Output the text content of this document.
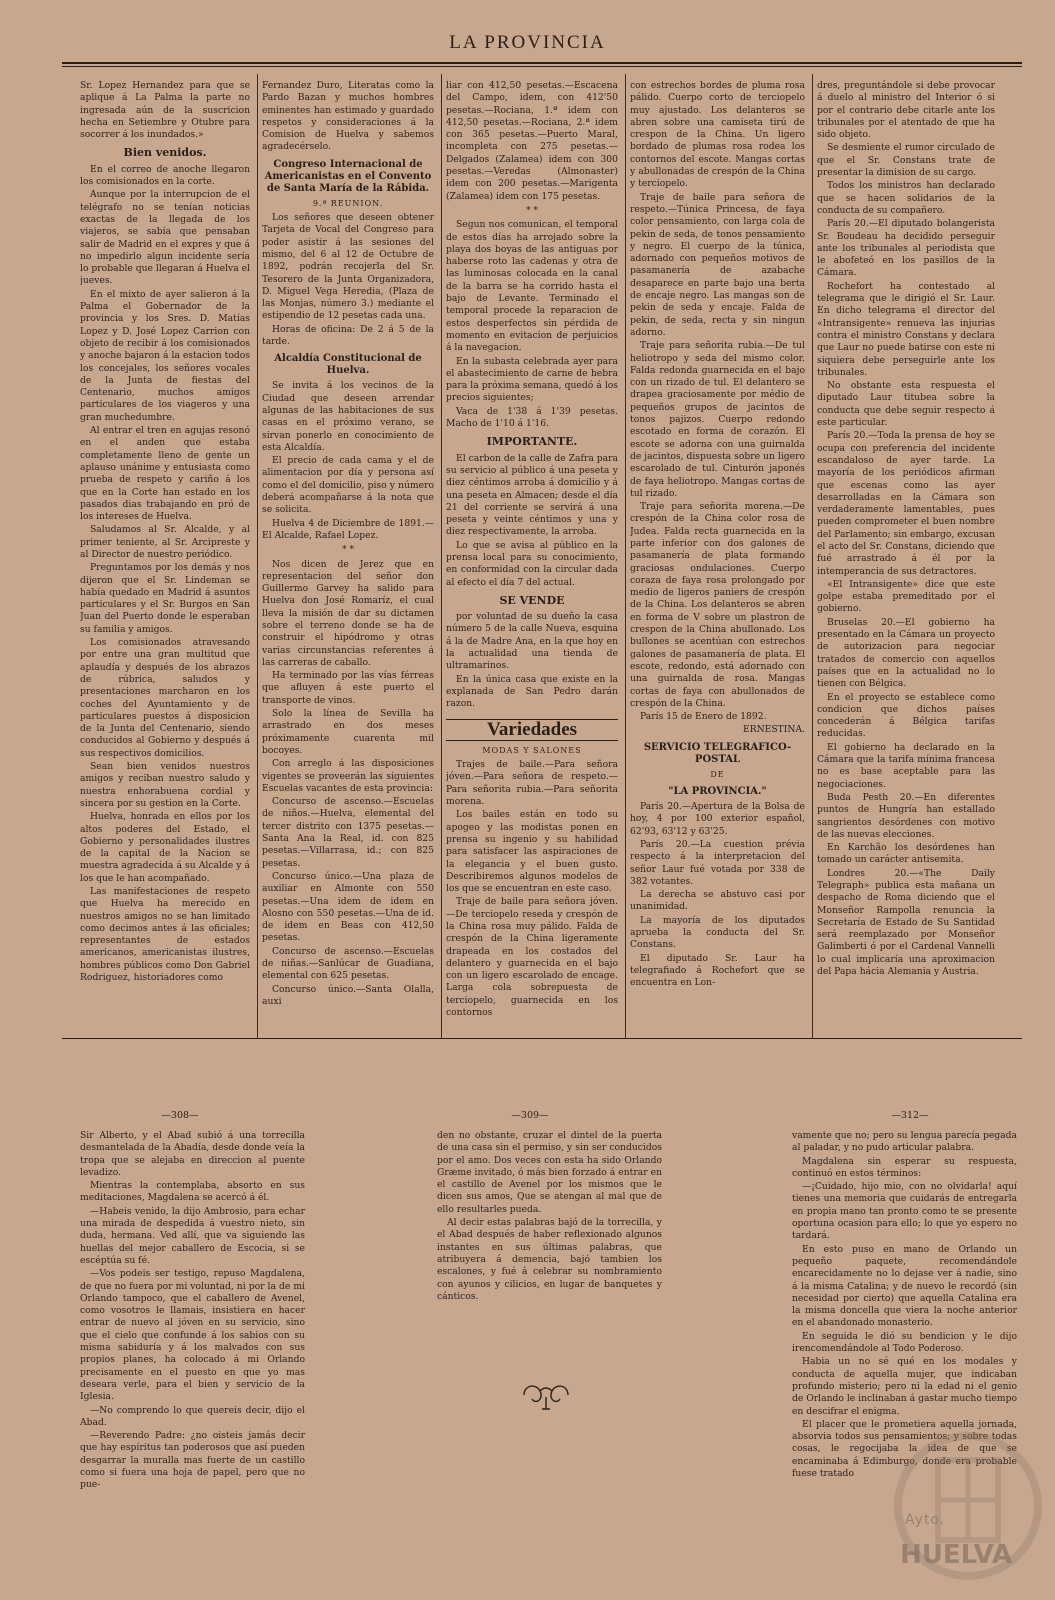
LA PROVINCIA

Sr. Lopez Hernandez para que se aplique á La Palma la parte no ingresada aún de la suscricion hecha en Setiembre y Otubre para socorrer á los inundados.»

Bien venidos.

En el correo de anoche llegaron los comisionados en la corte.

Aunque por la interrupcion de el telégrafo no se tenían noticias exactas de la llegada de los viajeros, se sabía que pensaban salir de Madrid en el expres y que á no impedirlo algun incidente sería lo probable que llegaran á Huelva el jueves.

En el mixto de ayer salieron á la Palma el Gobernador de la provincia y los Sres. D. Matías Lopez y D. José Lopez Carrion con objeto de recibir á los comisionados y anoche bajaron á la estacion todos los concejales, los señores vocales de la Junta de fiestas del Centenario, muchos amigos particulares de los viageros y una gran muchedumbre.

Al entrar el tren en agujas resonó en el anden que estaba completamente lleno de gente un aplauso unánime y entusiasta como prueba de respeto y cariño á los que en la Corte han estado en los pasados dias trabajando en pró de los intereses de Huelva.

Saludamos al Sr. Alcalde, y al primer teniente, al Sr. Arcipreste y al Director de nuestro periódico.

Preguntamos por los demás y nos dijeron que el Sr. Lindeman se había quedado en Madrid á asuntos particulares y el Sr. Burgos en San Juan del Puerto donde le esperaban su familia y amigos.

Los comisionados atravesando por entre una gran multitud que aplaudía y después de los abrazos de rúbrica, saludos y presentaciones marcharon en los coches del Ayuntamiento y de particulares puestos á disposicion de la Junta del Centenario, siendo conducidos al Gobierno y después á sus respectivos domicilios.

Sean bien venidos nuestros amigos y reciban nuestro saludo y nuestra enhorabuena cordial y sincera por su gestion en la Corte.

Huelva, honrada en ellos por los altos poderes del Estado, el Gobierno y personalidades ilustres de la capital de la Nacion se muestra agradecida á su Alcalde y á los que le han acompañado.

Las manifestaciones de respeto que Huelva ha merecido en nuestros amigos no se han limitado como decimos antes á las oficiales; representantes de estados americanos, americanistas ilustres, hombres públicos como Don Gabriel Rodriguez, historiadores como

Fernandez Duro, Literatas como la Pardo Bazan y muchos hombres eminentes han estimado y guardado respetos y consideraciones á la Comision de Huelva y sabemos agradecérselo.

Congreso Internacional de Americanistas en el Convento de Santa María de la Rábida.

9.ª REUNION.

Los señores que deseen obtener Tarjeta de Vocal del Congreso para poder asistir á las sesiones del mismo, del 6 al 12 de Octubre de 1892, podrán recojerla del Sr. Tesorero de la Junta Organizadora, D. Miguel Vega Heredia, (Plaza de las Monjas, número 3.) mediante el estipendio de 12 pesetas cada una.

Horas de oficina: De 2 á 5 de la tarde.

Alcaldía Constitucional de Huelva.

Se invita á los vecinos de la Ciudad que deseen arrendar algunas de las habitaciones de sus casas en el próximo verano, se sirvan ponerlo en conocimiento de esta Alcaldía.

El precio de cada cama y el de alimentacion por día y persona así como el del domicilio, piso y número deberá acompañarse á la nota que se solicita.

Huelva 4 de Diciembre de 1891.— El Alcalde, Rafael Lopez.

* *

Nos dicen de Jerez que en representacion del señor don Guillermo Garvey ha salido para Huelva don José Romaríz, el cual lleva la misión de dar su dictamen sobre el terreno donde se ha de construir el hipódromo y otras varias circunstancias referentes á las carreras de caballo.

Ha terminado por las vías férreas que afluyen á este puerto el transporte de vinos.

Solo la línea de Sevilla ha arrastrado en dos meses próximamente cuarenta mil bocoyes.

Con arreglo á las disposiciones vigentes se proveerán las siguientes Escuelas vacantes de esta provincia:

Concurso de ascenso.—Escuelas de niños.—Huelva, elemental del tercer distrito con 1375 pesetas.—Santa Ana la Real, id. con 825 pesetas.—Villarrasa, id.; con 825 pesetas.

Concurso único.—Una plaza de auxiliar en Almonte con 550 pesetas.—Una idem de idem en Alosno con 550 pesetas.—Una de id. de idem en Beas con 412,50 pesetas.

Concurso de ascenso.—Escuelas de niñas.—Sanlúcar de Guadiana, elemental con 625 pesetas.

Concurso único.—Santa Olalla, auxi

liar con 412,50 pesetas.—Escacena del Campo, idem, con 412'50 pesetas.—Rociana, 1.ª idem con 412,50 pesetas.—Rociana, 2.ª idem con 365 pesetas.—Puerto Maral, incompleta con 275 pesetas.—Delgados (Zalamea) idem con 300 pesetas.—Veredas (Almonaster) idem con 200 pesetas.—Marigenta (Zalamea) idem con 175 pesetas.

* *

Segun nos comunican, el temporal de estos días ha arrojado sobre la playa dos boyas de las antiguas por haberse roto las cadenas y otra de las luminosas colocada en la canal de la barra se ha corrido hasta el bajo de Levante. Terminado el temporal procede la reparacion de estos desperfectos sin pérdida de momento en evitacion de perjuicios á la navegacion.

En la subasta celebrada ayer para el abastecimiento de carne de hebra para la próxima semana, quedó á los precios siguientes;

Vaca de 1'38 á 1'39 pesetas. Macho de 1'10 á 1'16.

IMPORTANTE.

El carbon de la calle de Zafra para su servicio al público á una peseta y diez céntimos arroba á domicilio y á una peseta en Almacen; desde el día 21 del corriente se servirá á una peseta y veinte céntimos y una y diez respectivamente, la arroba.

Lo que se avisa al público en la prensa local para su conocimiento, en conformidad con la circular dada al efecto el día 7 del actual.

SE VENDE

por voluntad de su dueño la casa número 5 de la calle Nueva, esquina á la de Madre Ana, en la que hoy en la actualidad una tienda de ultramarinos.

En la única casa que existe en la explanada de San Pedro darán razon.

Variedades

MODAS Y SALONES

Trajes de baile.—Para señora jóven.—Para señora de respeto.—Para señorita rubia.—Para señorita morena.

Los bailes están en todo su apogeo y las modistas ponen en prensa su ingenio y su habilidad para satisfacer las aspiraciones de la elegancia y el buen gusto. Describiremos algunos modelos de los que se encuentran en este caso.

Traje de baile para señora jóven.—De terciopelo reseda y crespón de la China rosa muy pálido. Falda de crespón de la China ligeramente drapeada en los costados del delantero y guarnecida en el bajo con un ligero escarolado de encage. Larga cola sobrepuesta de terciopelo, guarnecida en los contornos

con estrechos bordes de pluma rosa pálido. Cuerpo corto de terciopelo muy ajustado. Los delanteros se abren sobre una camiseta tirú de crespon de la China. Un ligero bordado de plumas rosa rodea los contornos del escote. Mangas cortas y abullonadas de crespón de la China y terciopelo.

Traje de baile para señora de respeto.—Túnica Princesa, de faya color pensamiento, con larga cola de pekin de seda, de tonos pensamiento y negro. El cuerpo de la túnica, adornado con pequeños motivos de pasamanería de azabache desaparece en parte bajo una berta de encaje negro. Las mangas son de pekin de seda y encaje. Falda de pekin, de seda, recta y sin ningun adorno.

Traje para señorita rubia.—De tul heliotropo y seda del mismo color. Falda redonda guarnecida en el bajo con un rizado de tul. El delantero se drapea graciosamente por médio de pequeños grupos de jacintos de tonos pajizos. Cuerpo redondo escotado en forma de corazón. El escote se adorna con una guirnalda de jacintos, dispuesta sobre un ligero escarolado de tul. Cinturón japonés de faya heliotropo. Mangas cortas de tul rizado.

Traje para señorita morena.—De crespón de la China color rosa de Judea. Falda recta guarnecida en la parte inferior con dos galones de pasamanería de plata formando graciosas ondulaciones. Cuerpo coraza de faya rosa prolongado por medio de ligeros paniers de crespón de la China. Los delanteros se abren en forma de V sobre un plastron de crespon de la China abullonado. Los bullones se acentúan con estrechos galones de pasamanería de plata. El escote, redondo, está adornado con una guirnalda de rosa. Mangas cortas de faya con abullonados de crespón de la China.

París 15 de Enero de 1892.

ERNESTINA.

SERVICIO TELEGRAFICO-POSTAL

DE

"LA PROVINCIA."

París 20.—Apertura de la Bolsa de hoy, 4 por 100 exterior español, 62'93, 63'12 y 63'25.

París 20.—La cuestion prévia respecto á la interpretacion del señor Laur fué votada por 338 de 382 votantes.

La derecha se abstuvo casi por unanimidad.

La mayoría de los diputados aprueba la conducta del Sr. Constans.

El diputado Sr. Laur ha telegrafiado á Rochefort que se encuentra en Lon-

dres, preguntándole si debe provocar á duelo al ministro del Interior ó si por el contrario debe citarle ante los tribunales por el atentado de que ha sido objeto.

Se desmiente el rumor circulado de que el Sr. Constans trate de presentar la dimision de su cargo.

Todos los ministros han declarado que se hacen solidarios de la conducta de su compañero.

París 20.—El diputado bolangerista Sr. Boudeau ha decidido perseguir ante los tribunales al periodista que le abofeteó en los pasillos de la Cámara.

Rochefort ha contestado al telegrama que le dirigió el Sr. Laur. En dicho telegrama el director del «Intransigente» renueva las injurias contra el ministro Constans y declara que Laur no puede batirse con este ni siquiera debe perseguirle ante los tribunales.

No obstante esta respuesta el diputado Laur titubea sobre la conducta que debe seguir respecto á este particular.

París 20.—Toda la prensa de hoy se ocupa con preferencia del incidente escandaloso de ayer tarde. La mayoría de los periódicos afirman que escenas como las ayer desarrolladas en la Cámara son verdaderamente lamentables, pues pueden comprometer el buen nombre del Parlamento; sin embargo, excusan el acto del Sr. Constans, diciendo que fué arrastrado á él por la intemperancia de sus detractores.

«El Intransigente» dice que este golpe estaba premeditado por el gobierno.

Bruselas 20.—El gobierno ha presentado en la Cámara un proyecto de autorizacion para negociar tratados de comercio con aquellos países que en la actualidad no lo tienen con Bélgica.

En el proyecto se establece como condicion que dichos países concederán á Bélgica tarifas reducidas.

El gobierno ha declarado en la Cámara que la tarifa mínima francesa no es base aceptable para las negociaciones.

Buda Pesth 20.—En diferentes puntos de Hungría han estallado sangrientos desórdenes con motivo de las nuevas elecciones.

En Karchão los desórdenes han tomado un carácter antisemita.

Londres 20.—«The Daily Telegraph» publica esta mañana un despacho de Roma diciendo que el Monseñor Rampolla renuncia la Secretaría de Estado de Su Santidad será reemplazado por Monseñor Galimberti ó por el Cardenal Vannelli lo cual implicaría una aproximacion del Papa hácia Alemania y Austria.

—308—	—309—	—312—

Sir Alberto, y el Abad subió á una torrecilla desmantelada de la Abadía, desde donde veía la tropa que se alejaba en direccion al puente levadizo.

Mientras la contemplaba, absorto en sus meditaciones, Magdalena se acercó á él.

—Habeis venido, la dijo Ambrosio, para echar una mirada de despedida á vuestro nieto, sin duda, hermana. Ved allí, que va siguiendo las huellas del mejor caballero de Escocia, si se escéptúa su fé.

—Vos podeis ser testigo, repuso Magdalena, de que no fuera por mi voluntad, ni por la de mi Orlando tampoco, que el caballero de Avenel, como vosotros le llamais, insistiera en hacer entrar de nuevo al jóven en su servicio, sino que el cielo que confunde á los sabios con su misma sabiduría y á los malvados con sus propios planes, ha colocado á mi Orlando precisamente en el puesto en que yo mas deseara verle, para el bien y servicio de la Iglesia.

—No comprendo lo que quereis decir, dijo el Abad.

—Reverendo Padre: ¿no oisteis jamás decir que hay espíritus tan poderosos que así pueden desgarrar la muralla mas fuerte de un castillo como si fuera una hoja de papel, pero que no pue-

den no obstante, cruzar el dintel de la puerta de una casa sin el permiso, y sin ser conducidos por el amo. Dos veces con esta ha sido Orlando Græme invitado, ó más bien forzado á entrar en el castillo de Avenel por los mismos que le dicen sus amos, Que se atengan al mal que de ello resultarles pueda.

Al decir estas palabras bajó de la torrecilla, y el Abad después de haber reflexionado algunos instantes en sus últimas palabras, que atribuyera á demencia, bajó tambien los escalones, y fué á celebrar su nombramiento con ayunos y cilicios, en lugar de banquetes y cánticos.

vamente que no; pero su lengua parecía pegada al paladar, y no pudo articular palabra.

Magdalena sin esperar su respuesta, continuó en estos términos:

—¡Cuidado, hijo mio, con no olvidarla! aquí tienes una memoria que cuidarás de entregarla en propia mano tan pronto como te se presente oportuna ocasion para ello; lo que yo espero no tardará.

En esto puso en mano de Orlando un pequeño paquete, recomendándole encarecidamente no lo dejase ver á nadie, sino á la misma Catalina; y de nuevo le recordó (sin necesidad por cierto) que aquella Catalina era la misma doncella que viera la noche anterior en el abandonado monasterio.

En seguida le dió su bendicion y le dijo irencomendándole al Todo Poderoso.

Habia un no sé qué en los modales y conducta de aquella mujer, que indicaban profundo misterio; pero ni la edad ni el genio de Orlando le inclinaban á gastar mucho tiempo en descifrar el enigma.

El placer que le prometiera aquella jornada, absorvia todos sus pensamientos; y sobre todas cosas, le regocijaba la idea de que se encaminaba á Edimburgo, donde era probable fuese tratado

Ayto.
HUELVA
